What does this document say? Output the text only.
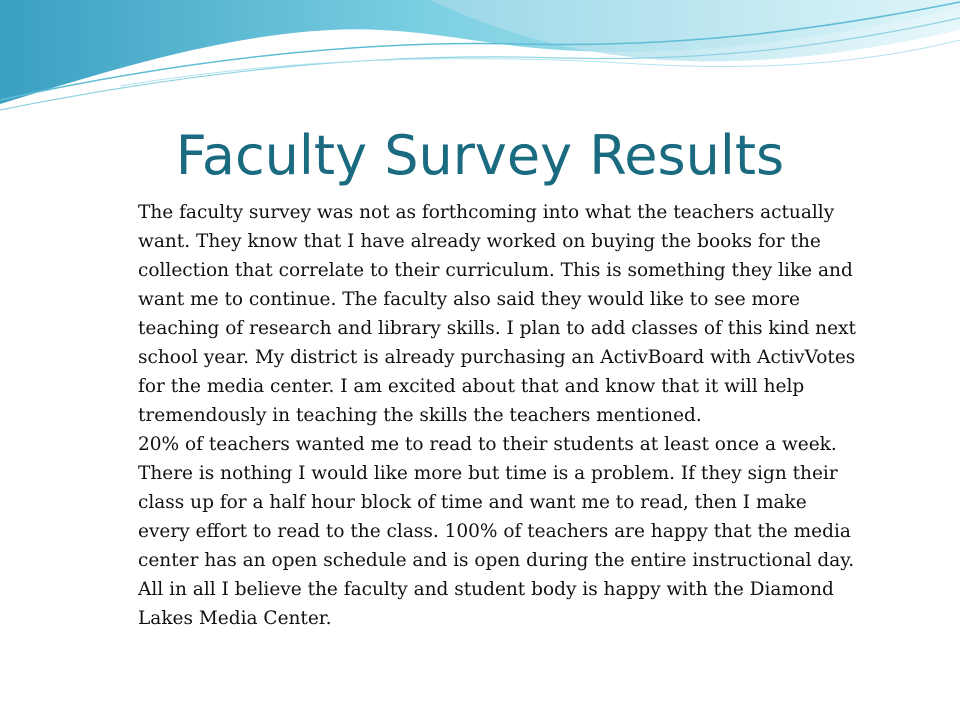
Faculty Survey Results

The faculty survey was not as forthcoming into what the teachers actually want. They know that I have already worked on buying the books for the collection that correlate to their curriculum. This is something they like and want me to continue. The faculty also said they would like to see more teaching of research and library skills. I plan to add classes of this kind next school year. My district is already purchasing an ActivBoard with ActivVotes for the media center. I am excited about that and know that it will help tremendously in teaching the skills the teachers mentioned.

20% of teachers wanted me to read to their students at least once a week. There is nothing I would like more but time is a problem. If they sign their class up for a half hour block of time and want me to read, then I make every effort to read to the class. 100% of teachers are happy that the media center has an open schedule and is open during the entire instructional day.

All in all I believe the faculty and student body is happy with the Diamond Lakes Media Center.
